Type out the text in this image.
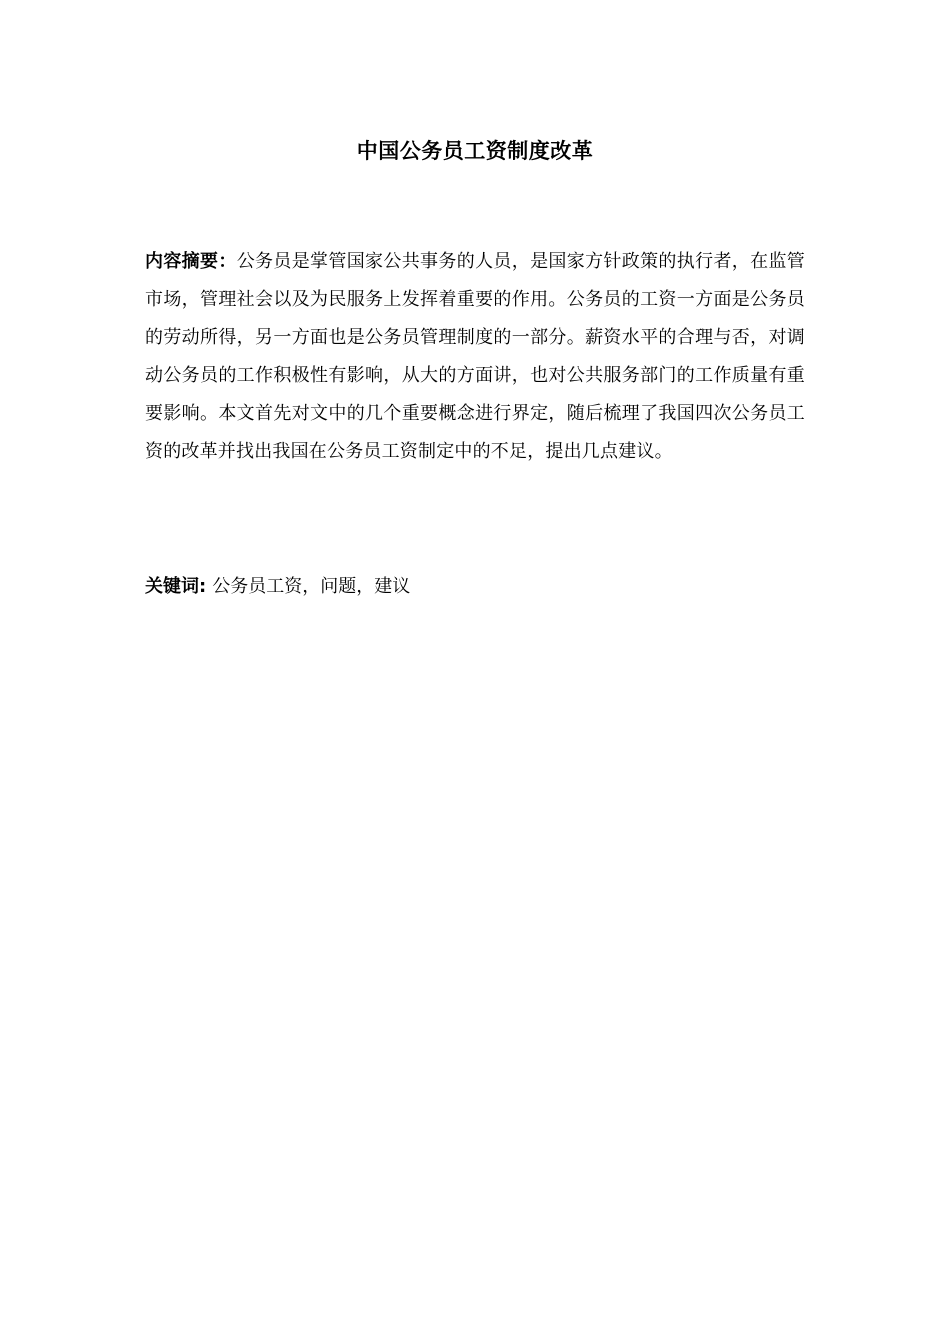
中国公务员工资制度改革
内容摘要：公务员是掌管国家公共事务的人员，是国家方针政策的执行者，在监管市场，管理社会以及为民服务上发挥着重要的作用。公务员的工资一方面是公务员的劳动所得，另一方面也是公务员管理制度的一部分。薪资水平的合理与否，对调动公务员的工作积极性有影响，从大的方面讲，也对公共服务部门的工作质量有重要影响。本文首先对文中的几个重要概念进行界定，随后梳理了我国四次公务员工资的改革并找出我国在公务员工资制定中的不足，提出几点建议。
关键词: 公务员工资，问题，建议
